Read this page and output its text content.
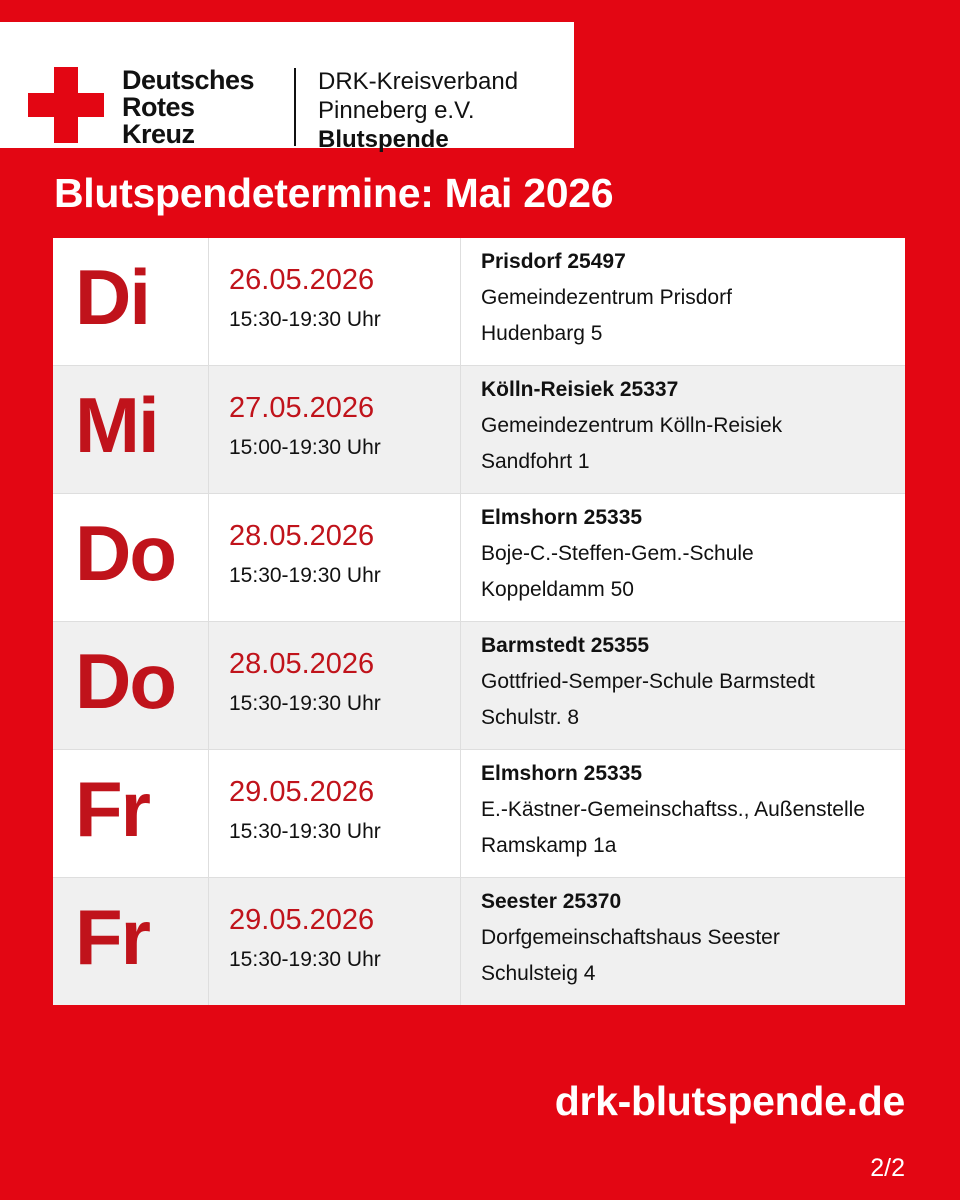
Deutsches
Rotes
Kreuz
DRK-Kreisverband
Pinneberg e.V.
Blutspende
Blutspendetermine: Mai 2026
Di	26.05.2026
15:30-19:30 Uhr
Prisdorf 25497
Gemeindezentrum Prisdorf
Hudenbarg 5
Mi 27.05.2026
15:00-19:30 Uhr
Kölln-Reisiek 25337
Gemeindezentrum Kölln-Reisiek
Sandfohrt 1
Do 28.05.2026
15:30-19:30 Uhr
Elmshorn 25335
Boje-C.-Steffen-Gem.-Schule
Koppeldamm 50
Do 28.05.2026
15:30-19:30 Uhr
Barmstedt 25355
Gottfried-Semper-Schule Barmstedt
Schulstr. 8
Fr	29.05.2026
15:30-19:30 Uhr
Elmshorn 25335
E.-Kästner-Gemeinschaftss., Außenstelle
Ramskamp 1a
Fr	29.05.2026
15:30-19:30 Uhr
Seester 25370
Dorfgemeinschaftshaus Seester
Schulsteig 4
drk-blutspende.de
2/2
